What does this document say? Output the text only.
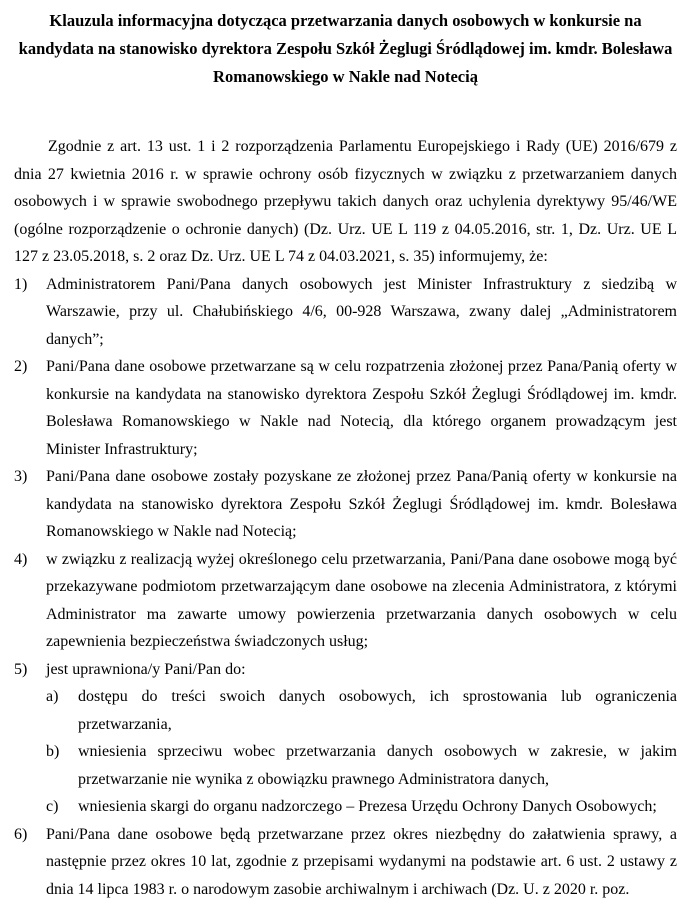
Klauzula informacyjna dotycząca przetwarzania danych osobowych w konkursie na kandydata na stanowisko dyrektora Zespołu Szkół Żeglugi Śródlądowej im. kmdr. Bolesława Romanowskiego w Nakle nad Notecią

Zgodnie z art. 13 ust. 1 i 2 rozporządzenia Parlamentu Europejskiego i Rady (UE) 2016/679 z dnia 27 kwietnia 2016 r. w sprawie ochrony osób fizycznych w związku z przetwarzaniem danych osobowych i w sprawie swobodnego przepływu takich danych oraz uchylenia dyrektywy 95/46/WE (ogólne rozporządzenie o ochronie danych) (Dz. Urz. UE L 119 z 04.05.2016, str. 1, Dz. Urz. UE L 127 z 23.05.2018, s. 2 oraz Dz. Urz. UE L 74 z 04.03.2021, s. 35) informujemy, że:

1) Administratorem Pani/Pana danych osobowych jest Minister Infrastruktury z siedzibą w Warszawie, przy ul. Chałubińskiego 4/6, 00-928 Warszawa, zwany dalej „Administratorem danych”;
2) Pani/Pana dane osobowe przetwarzane są w celu rozpatrzenia złożonej przez Pana/Panią oferty w konkursie na kandydata na stanowisko dyrektora Zespołu Szkół Żeglugi Śródlądowej im. kmdr. Bolesława Romanowskiego w Nakle nad Notecią, dla którego organem prowadzącym jest Minister Infrastruktury;
3) Pani/Pana dane osobowe zostały pozyskane ze złożonej przez Pana/Panią oferty w konkursie na kandydata na stanowisko dyrektora Zespołu Szkół Żeglugi Śródlądowej im. kmdr. Bolesława Romanowskiego w Nakle nad Notecią;
4) w związku z realizacją wyżej określonego celu przetwarzania, Pani/Pana dane osobowe mogą być przekazywane podmiotom przetwarzającym dane osobowe na zlecenia Administratora, z którymi Administrator ma zawarte umowy powierzenia przetwarzania danych osobowych w celu zapewnienia bezpieczeństwa świadczonych usług;
5) jest uprawniona/y Pani/Pan do:
a) dostępu do treści swoich danych osobowych, ich sprostowania lub ograniczenia przetwarzania,
b) wniesienia sprzeciwu wobec przetwarzania danych osobowych w zakresie, w jakim przetwarzanie nie wynika z obowiązku prawnego Administratora danych,
c) wniesienia skargi do organu nadzorczego – Prezesa Urzędu Ochrony Danych Osobowych;
6) Pani/Pana dane osobowe będą przetwarzane przez okres niezbędny do załatwienia sprawy, a następnie przez okres 10 lat, zgodnie z przepisami wydanymi na podstawie art. 6 ust. 2 ustawy z dnia 14 lipca 1983 r. o narodowym zasobie archiwalnym i archiwach (Dz. U. z 2020 r. poz.
